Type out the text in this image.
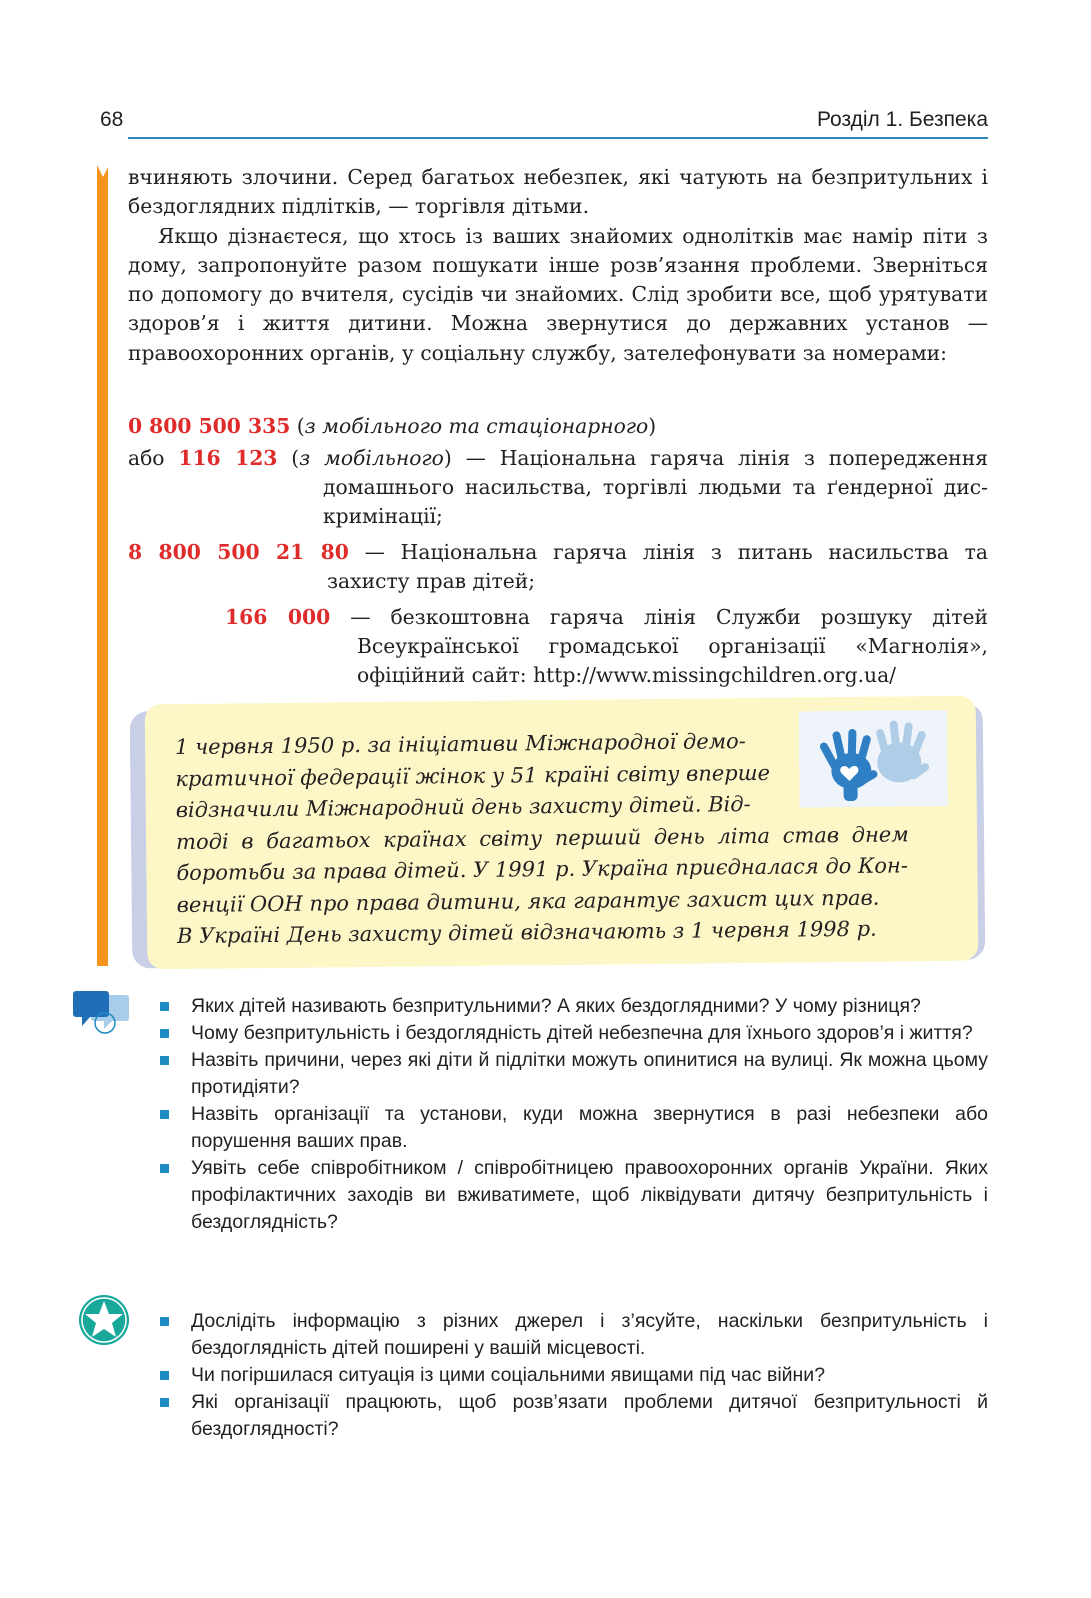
68	Розділ 1. Безпека

вчиняють злочини. Серед багатьох небезпек, які чатують на безпритульних і бездоглядних підлітків, — торгівля дітьми.

Якщо дізнаєтеся, що хтось із ваших знайомих однолітків має намір піти з дому, запропонуйте разом пошукати інше розв’язання проблеми. Зверніться по допомогу до вчителя, сусідів чи знайомих. Слід зробити все, щоб урятувати здоров’я і життя дитини. Можна звернутися до державних установ — правоохоронних органів, у соціальну службу, зателефонувати за номерами:

0 800 500 335 (з мобільного та стаціонарного)
або 116 123 (з мобільного) — Національна гаряча лінія з попередження
домашнього насильства, торгівлі людьми та ґендерної дис-
кримінації;
8 800 500 21 80 — Національна гаряча лінія з питань насильства та
захисту прав дітей;
166 000 — безкоштовна гаряча лінія Служби розшуку дітей
Всеукраїнської громадської організації «Магнолія»,
офіційний сайт: http://www.missingchildren.org.ua/
1 червня 1950 р. за ініціативи Міжнародної демо-
кратичної федерації жінок у 51 країні світу вперше
відзначили Міжнародний день захисту дітей. Від-
тоді в багатьох країнах світу перший день літа став днем
боротьби за права дітей. У 1991 р. Україна приєдналася до Кон-
венції ООН про права дитини, яка гарантує захист цих прав.
В Україні День захисту дітей відзначають з 1 червня 1998 р.
Яких дітей називають безпритульними? А яких бездоглядними? У чому різниця?
Чому безпритульність і бездоглядність дітей небезпечна для їхнього здоров’я і життя?
Назвіть причини, через які діти й підлітки можуть опинитися на вулиці. Як можна цьому протидіяти?
Назвіть організації та установи, куди можна звернутися в разі небезпеки або порушення ваших прав.
Уявіть себе співробітником / співробітницею правоохоронних органів України. Яких профілактичних заходів ви вживатимете, щоб ліквідувати дитячу безпритульність і бездоглядність?
Дослідіть інформацію з різних джерел і з’ясуйте, наскільки безпритульність і бездоглядність дітей поширені у вашій місцевості.
Чи погіршилася ситуація із цими соціальними явищами під час війни?
Які організації працюють, щоб розв’язати проблеми дитячої безпритульності й бездоглядності?
